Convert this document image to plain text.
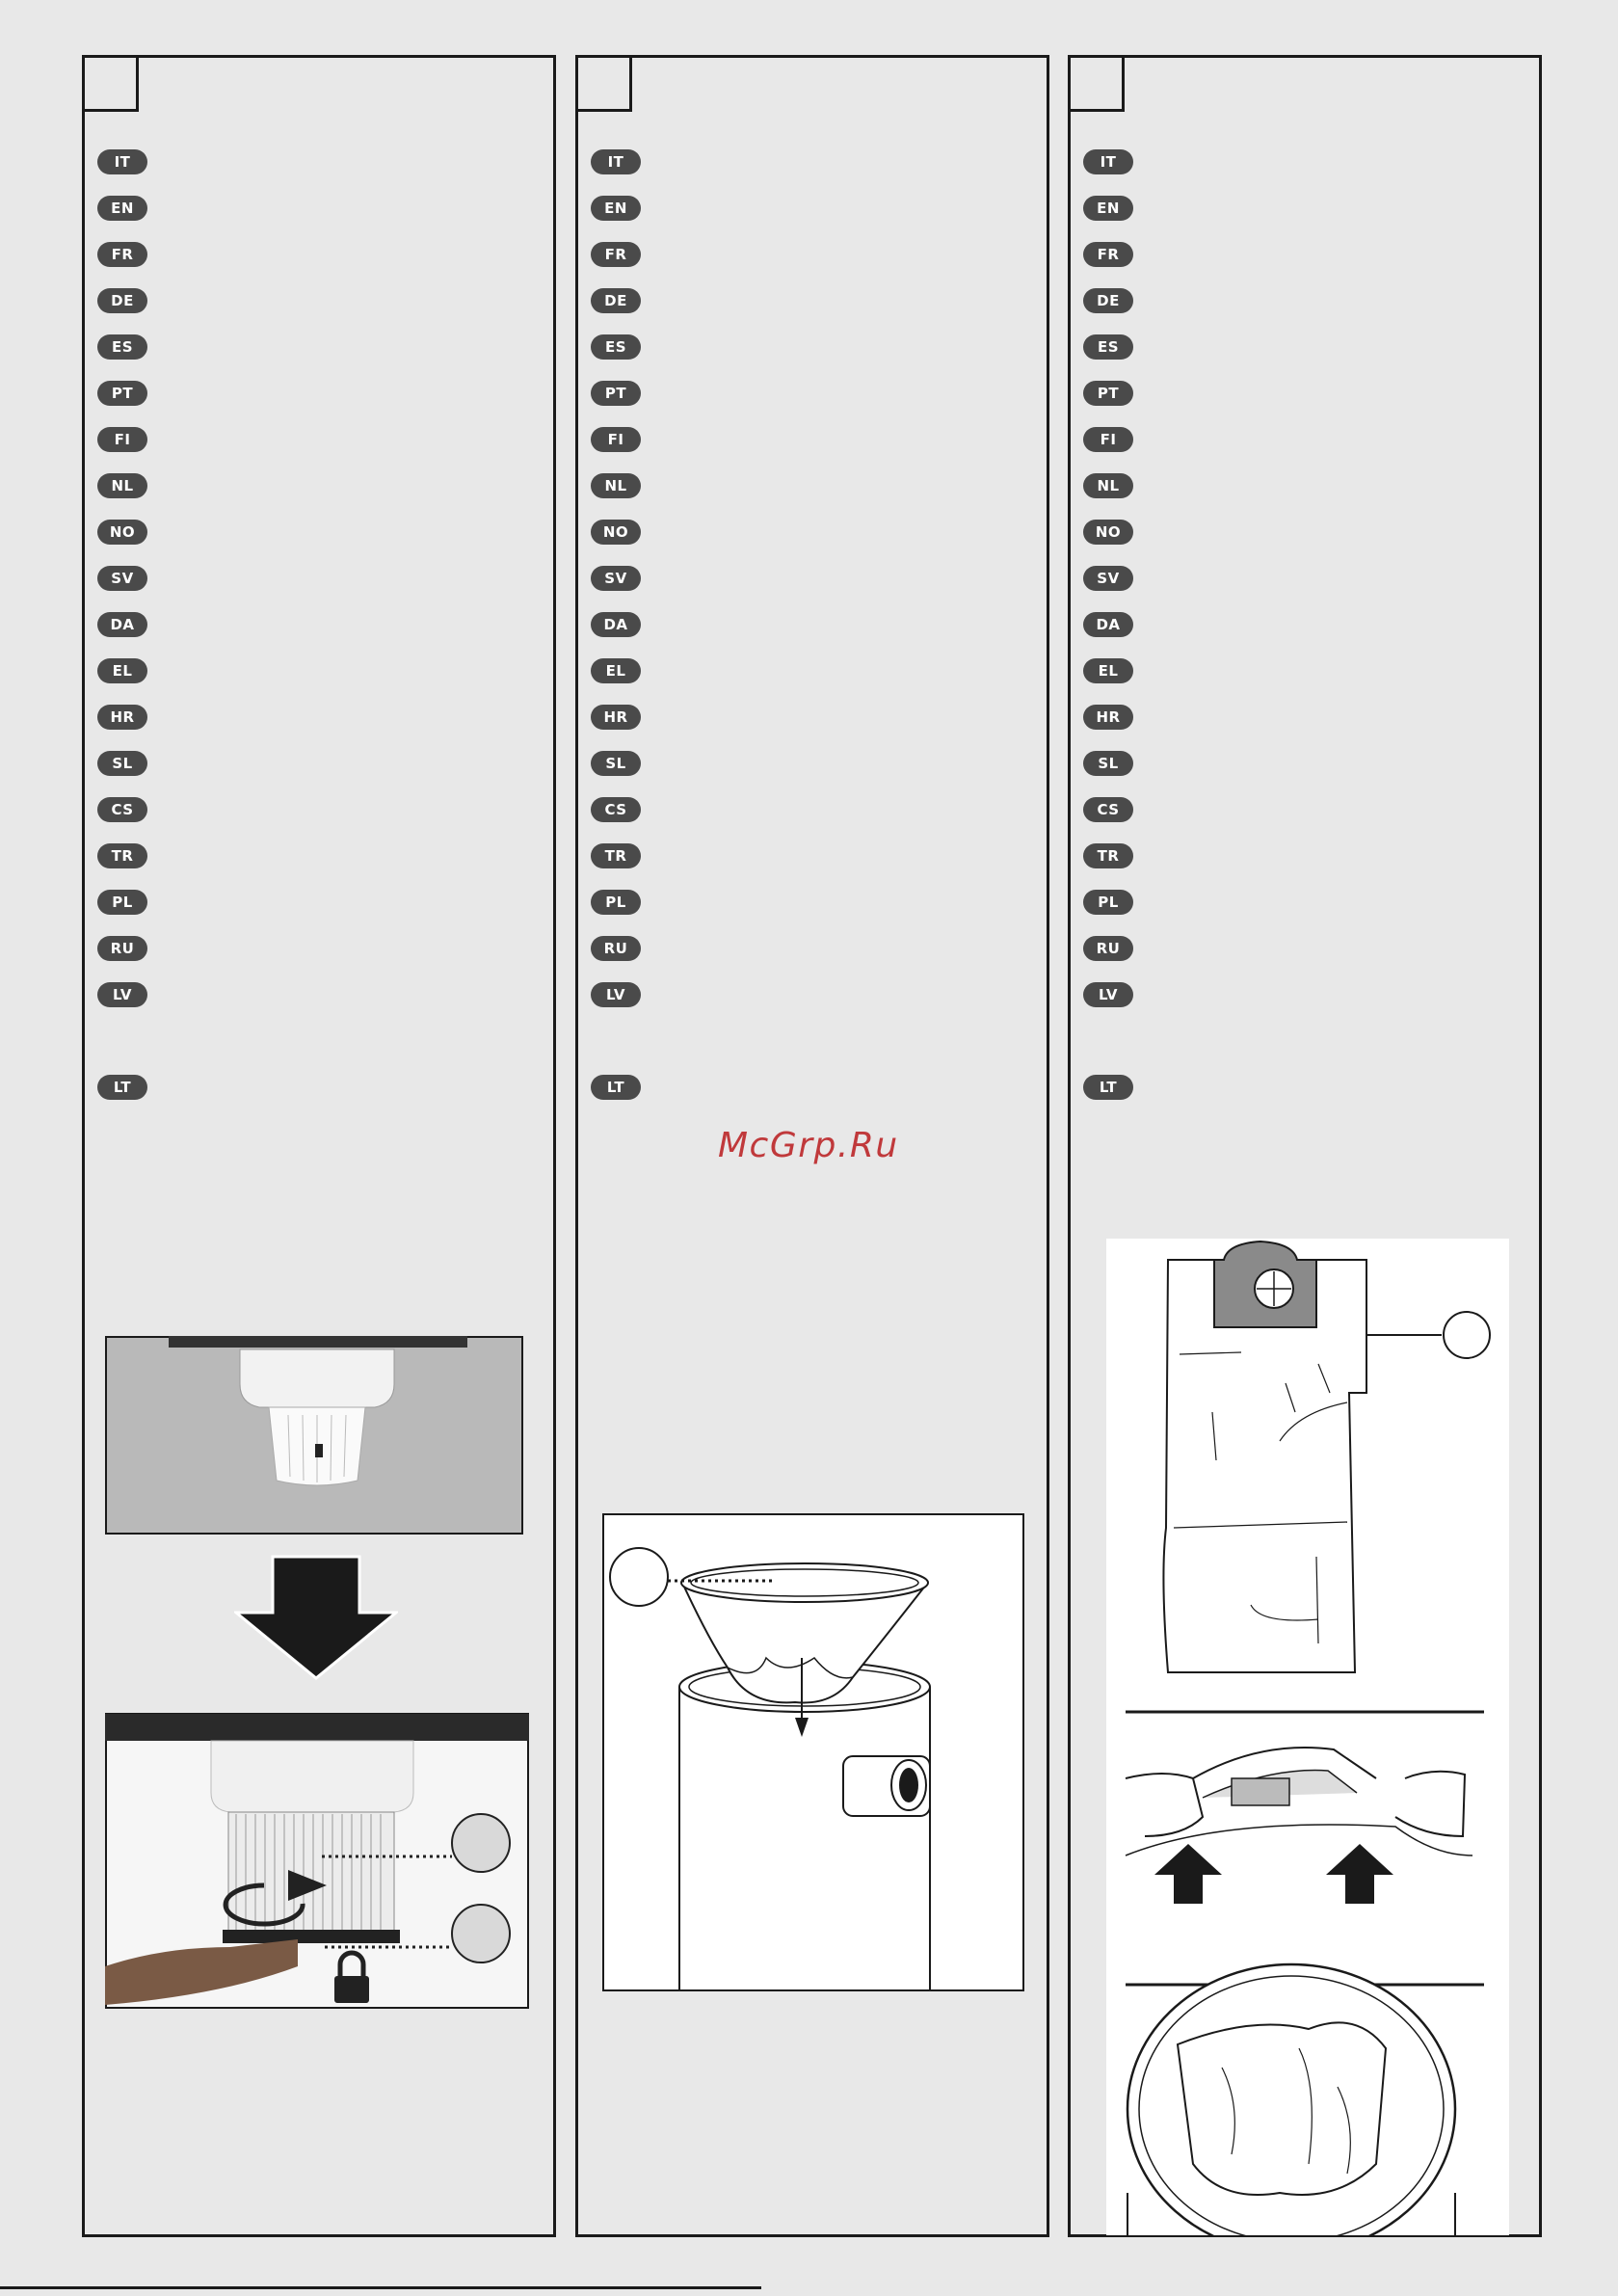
IT
EN
FR
DE
ES
PT
FI
NL
NO
SV
DA
EL
HR
SL
CS
TR
PL
RU
LV
LT
IT
EN
FR
DE
ES
PT
FI
NL
NO
SV
DA
EL
HR
SL
CS
TR
PL
RU
LV
LT
IT
EN
FR
DE
ES
PT
FI
NL
NO
SV
DA
EL
HR
SL
CS
TR
PL
RU
LV
LT
McGrp.Ru
